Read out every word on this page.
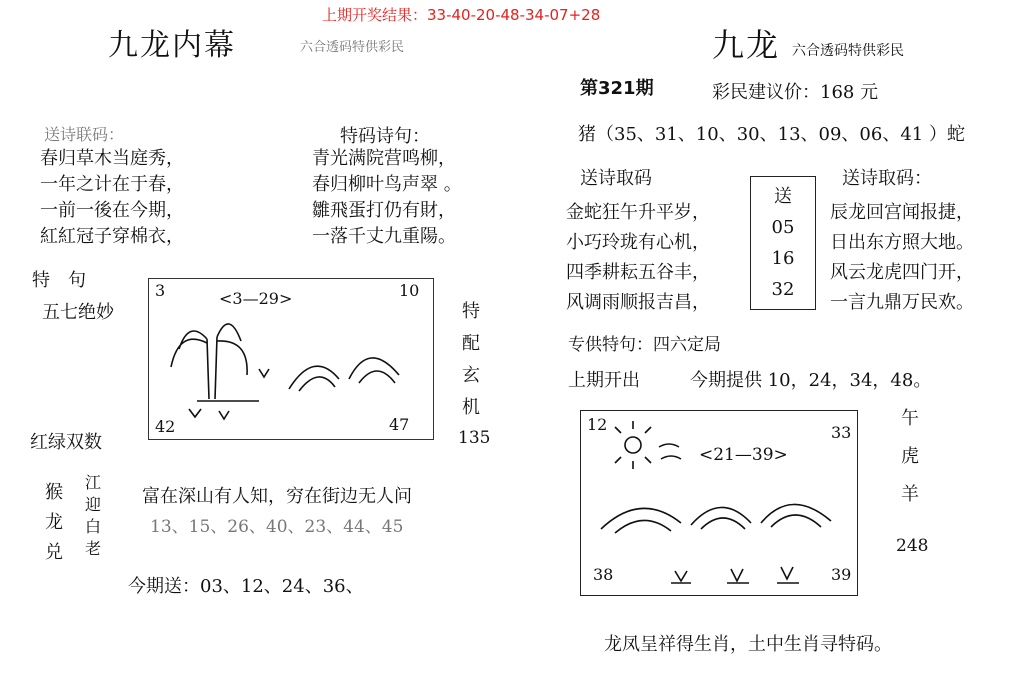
上期开奖结果：33-40-20-48-34-07+28
九龙内幕	六合透码特供彩民
送诗联码：
春归草木当庭秀，
一年之计在于春，
一前一後在今期，
紅紅冠子穿棉衣，
特码诗句：
青光满院营鸣柳，
春归柳叶鸟声翠 。
雛飛蛋打仍有財，
一落千丈九重陽。
特　句
五七绝妙
3	<3—29>	10
42	47
特
配
玄
机
135
红绿双数
猴
龙
兑
江
迎
白
老
富在深山有人知，穷在街边无人问
13、15、26、40、23、44、45
今期送：03、12、24、36、
九龙 六合透码特供彩民
第321期	彩民建议价：168 元
猪（35、31、10、30、13、09、06、41 ）蛇
送诗取码
金蛇狂午升平岁，
小巧玲珑有心机，
四季耕耘五谷丰，
风调雨顺报吉昌，
送
05
16
32
送诗取码：
辰龙回宫闻报捷，
日出东方照大地。
风云龙虎四门开，
一言九鼎万民欢。
专供特句：四六定局
上期开出	今期提供 10，24，34，48。
12
<21—39>
33
38	39
午
虎
羊
248
龙凤呈祥得生肖，土中生肖寻特码。
